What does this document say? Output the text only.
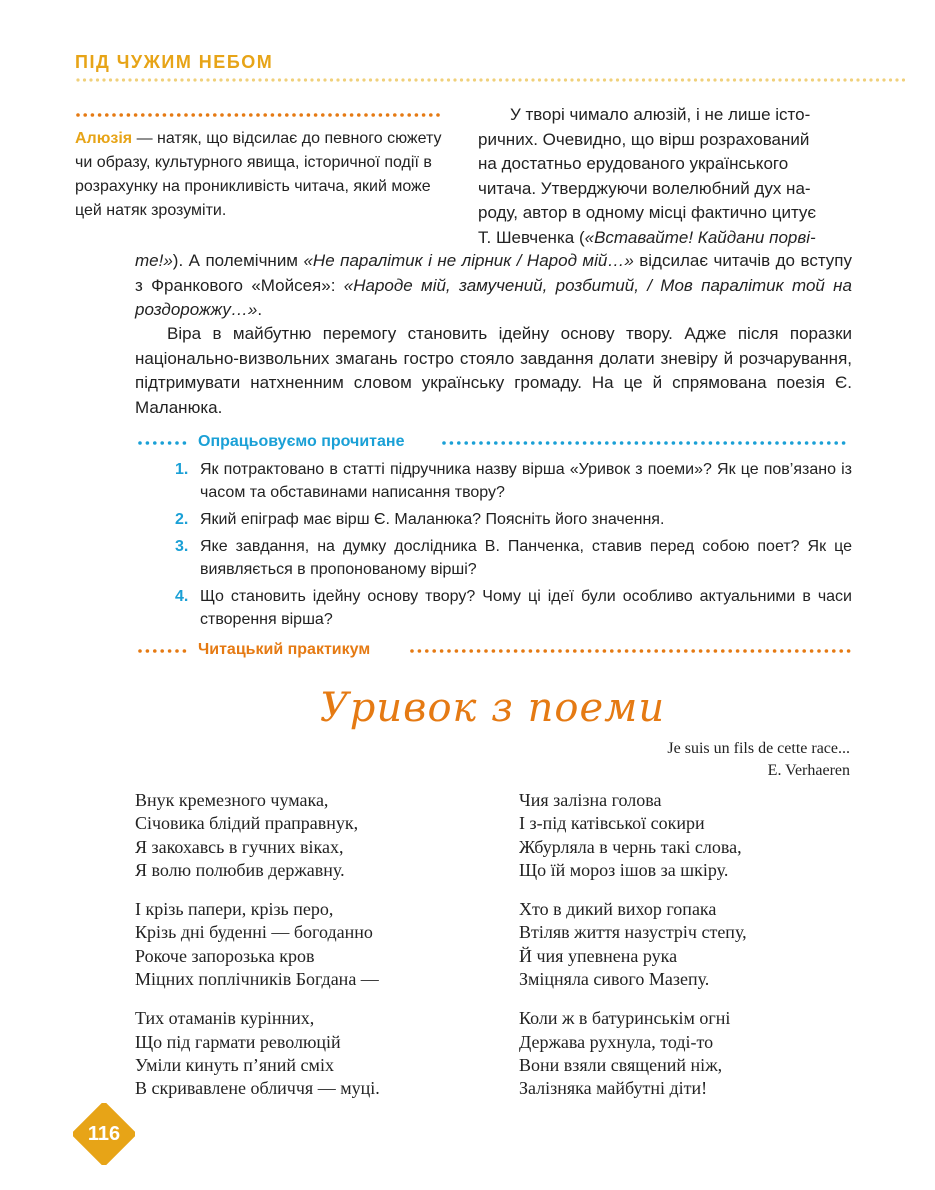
ПІД ЧУЖИМ НЕБОМ
Алюзія — натяк, що відсилає до певного сюжету чи образу, культурного явища, історичної події в розрахунку на проникливість читача, який може цей натяк зрозуміти.
У творі чимало алюзій, і не лише істо-
ричних. Очевидно, що вірш розрахований
на достатньо ерудованого українського
читача. Утверджуючи волелюбний дух на-
роду, автор в одному місці фактично цитує
Т. Шевченка («Вставайте! Кайдани порві-
те!»). А полемічним «Не паралітик і не лірник / Народ мій…» відсилає читачів до вступу з Франкового «Мойсея»: «Народе мій, замучений, розбитий, / Мов паралітик той на роздорожжу…».
Віра в майбутню перемогу становить ідейну основу твору. Адже після поразки національно-визвольних змагань гостро стояло завдання долати зневіру й розчарування, підтримувати натхненним словом українську громаду. На це й спрямована поезія Є. Маланюка.
Опрацьовуємо прочитане
1. Як потрактовано в статті підручника назву вірша «Уривок з поеми»? Як це пов’язано із часом та обставинами написання твору?
2. Який епіграф має вірш Є. Маланюка? Поясніть його значення.
3. Яке завдання, на думку дослідника В. Панченка, ставив перед собою поет? Як це виявляється в пропонованому вірші?
4. Що становить ідейну основу твору? Чому ці ідеї були особливо актуальними в часи створення вірша?
Читацький практикум
Уривок з поеми
Je suis un fils de cette race...
E. Verhaeren
Внук кремезного чумака,
Січовика блідий праправнук,
Я закохавсь в гучних віках,
Я волю полюбив державну.
І крізь папери, крізь перо,
Крізь дні буденні — богоданно
Рокоче запорозька кров
Міцних поплічників Богдана —
Тих отаманів курінних,
Що під гармати революцій
Уміли кинуть п’яний сміх
В скривавлене обличчя — муці.
Чия залізна голова
І з-під катівської сокири
Жбурляла в чернь такі слова,
Що їй мороз ішов за шкіру.
Хто в дикий вихор гопака
Втіляв життя назустріч степу,
Й чия упевнена рука
Зміцняла сивого Мазепу.
Коли ж в батуринськім огні
Держава рухнула, тоді-то
Вони взяли священий ніж,
Залізняка майбутні діти!
116
